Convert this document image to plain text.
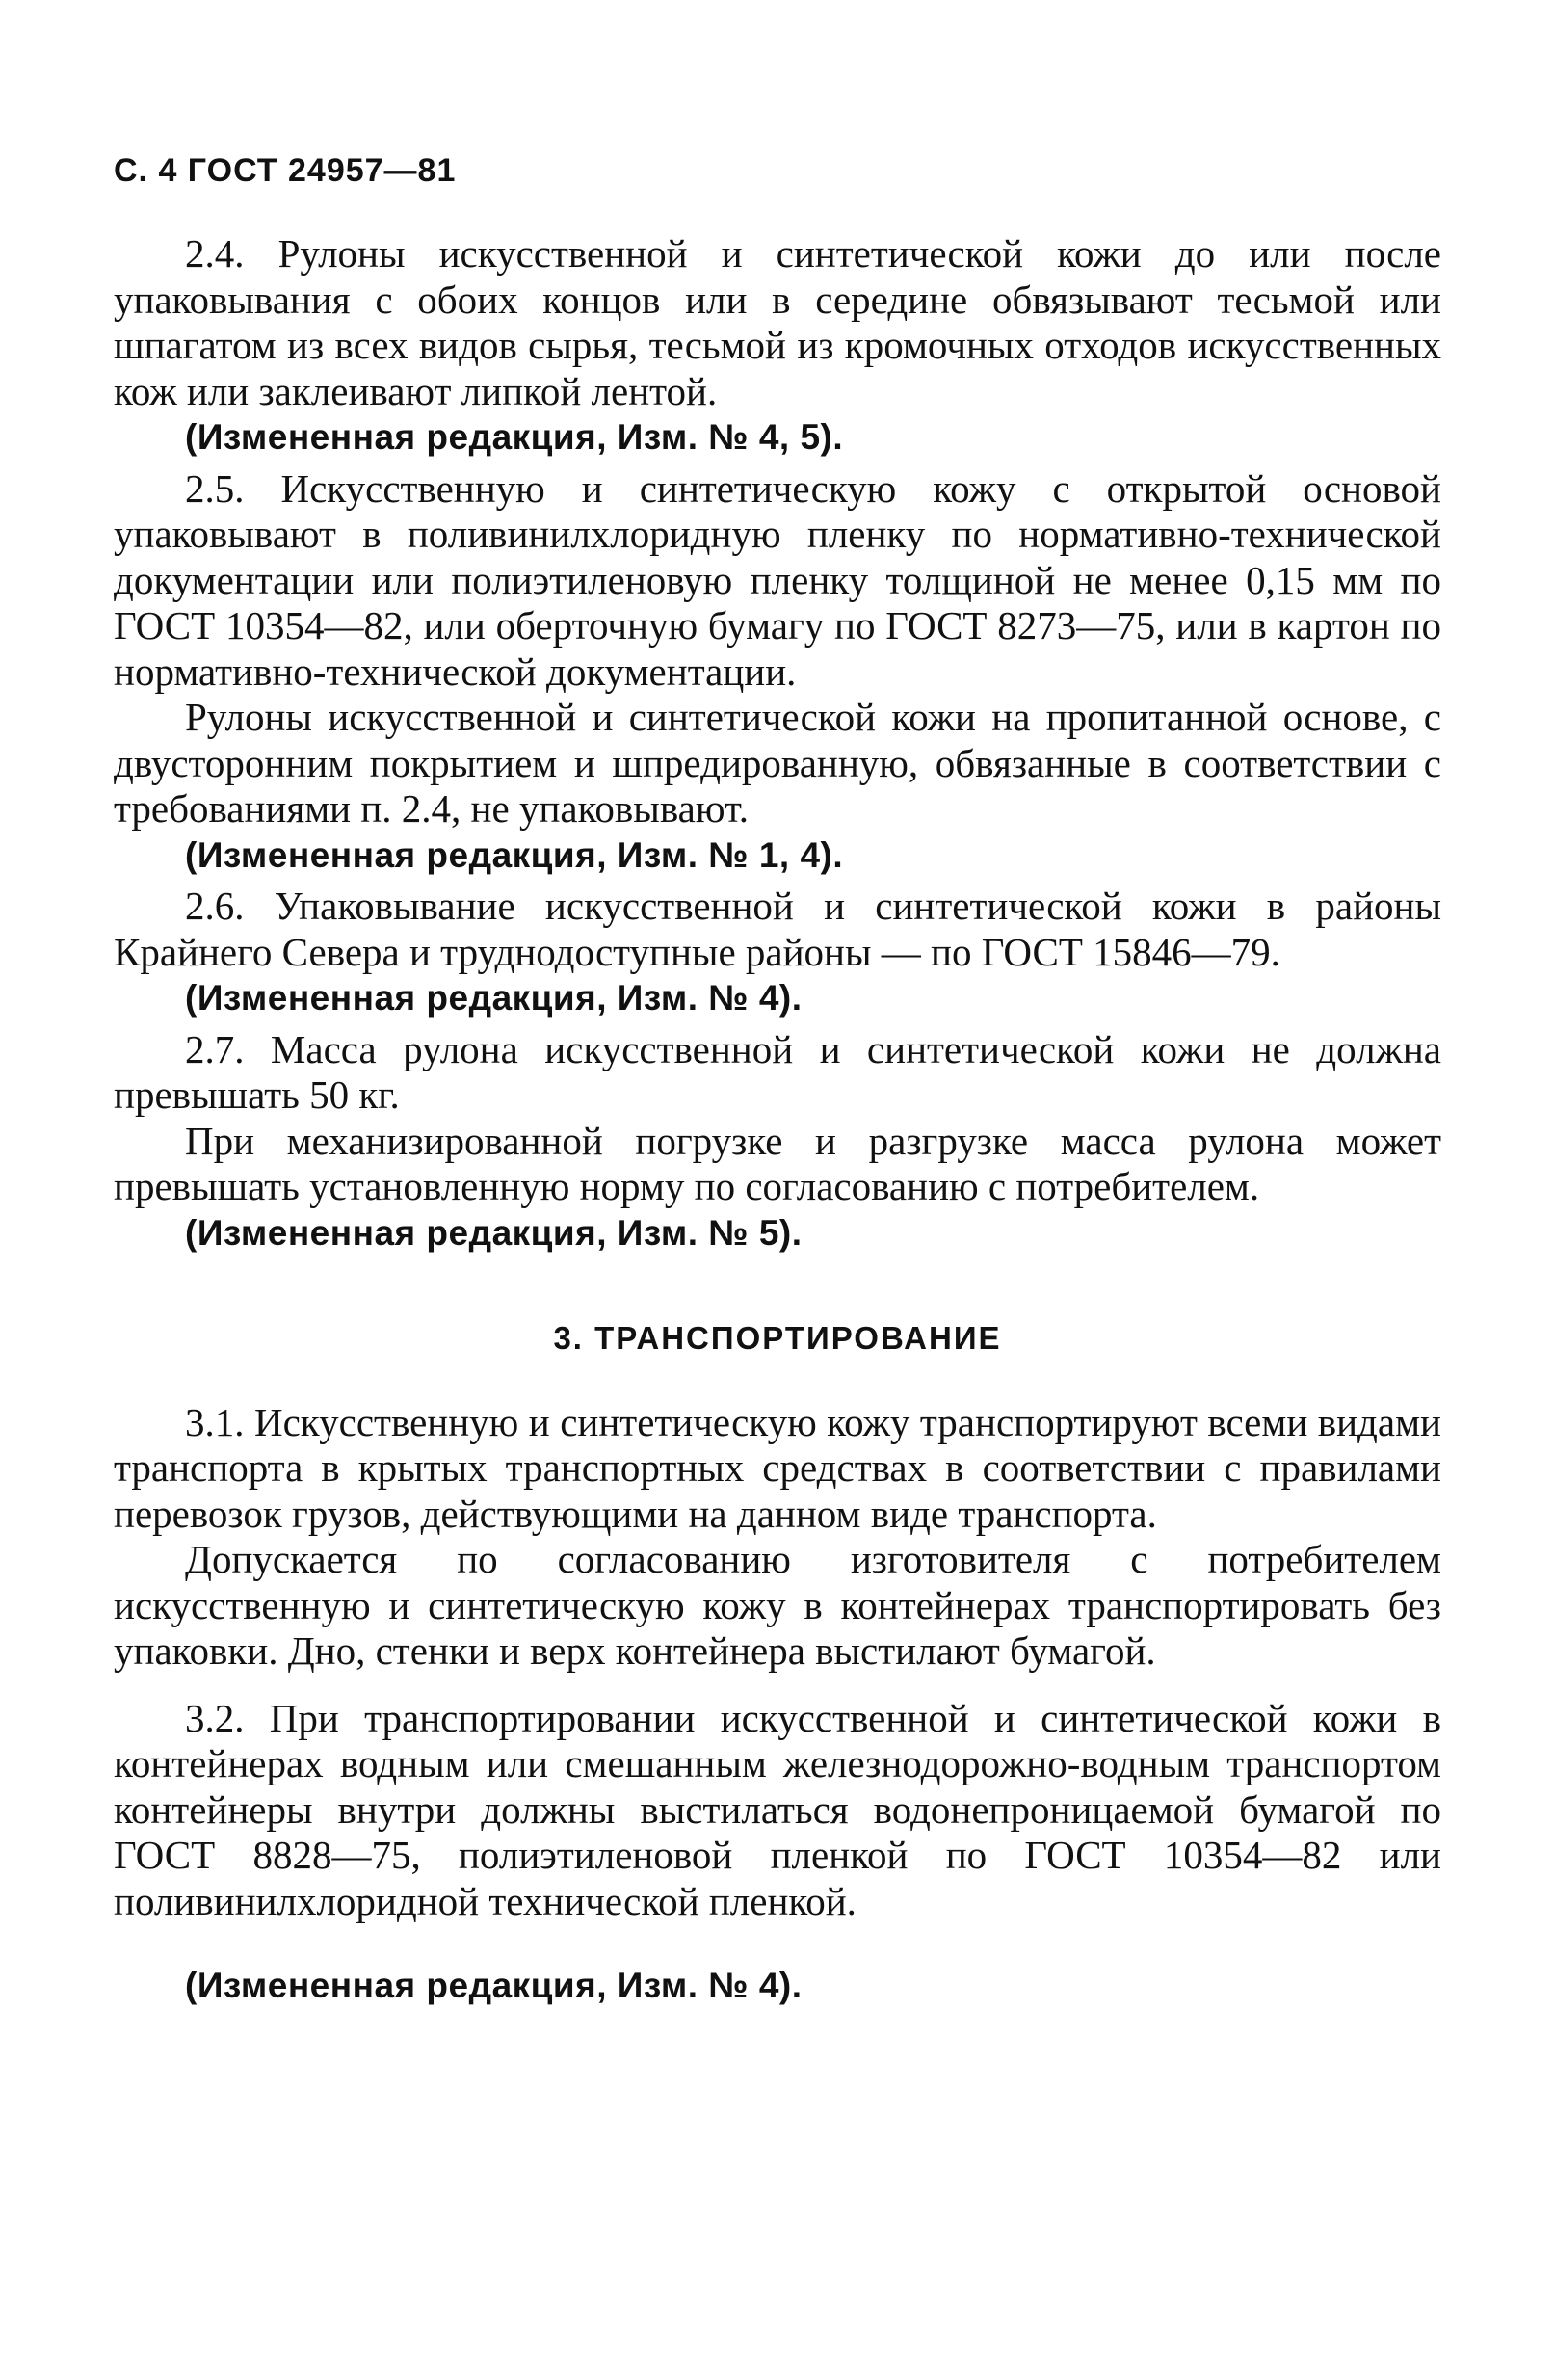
С. 4 ГОСТ 24957—81

2.4. Рулоны искусственной и синтетической кожи до или после упаковывания с обоих концов или в середине обвязывают тесьмой или шпагатом из всех видов сырья, тесьмой из кромочных отходов искусственных кож или заклеивают липкой лентой.

(Измененная редакция, Изм. № 4, 5).

2.5. Искусственную и синтетическую кожу с открытой основой упаковывают в поливинилхлоридную пленку по нормативно-технической документации или полиэтиленовую пленку толщиной не менее 0,15 мм по ГОСТ 10354—82, или оберточную бумагу по ГОСТ 8273—75, или в картон по нормативно-технической документации.

Рулоны искусственной и синтетической кожи на пропитанной основе, с двусторонним покрытием и шпредированную, обвязанные в соответствии с требованиями п. 2.4, не упаковывают.

(Измененная редакция, Изм. № 1, 4).

2.6. Упаковывание искусственной и синтетической кожи в районы Крайнего Севера и труднодоступные районы — по ГОСТ 15846—79.

(Измененная редакция, Изм. № 4).

2.7. Масса рулона искусственной и синтетической кожи не должна превышать 50 кг.

При механизированной погрузке и разгрузке масса рулона может превышать установленную норму по согласованию с потребителем.

(Измененная редакция, Изм. № 5).

3. ТРАНСПОРТИРОВАНИЕ

3.1. Искусственную и синтетическую кожу транспортируют всеми видами транспорта в крытых транспортных средствах в соответствии с правилами перевозок грузов, действующими на данном виде транспорта.

Допускается по согласованию изготовителя с потребителем искусственную и синтетическую кожу в контейнерах транспортировать без упаковки. Дно, стенки и верх контейнера выстилают бумагой.

3.2. При транспортировании искусственной и синтетической кожи в контейнерах водным или смешанным железнодорожно-водным транспортом контейнеры внутри должны выстилаться водонепроницаемой бумагой по ГОСТ 8828—75, полиэтиленовой пленкой по ГОСТ 10354—82 или поливинилхлоридной технической пленкой.

(Измененная редакция, Изм. № 4).
